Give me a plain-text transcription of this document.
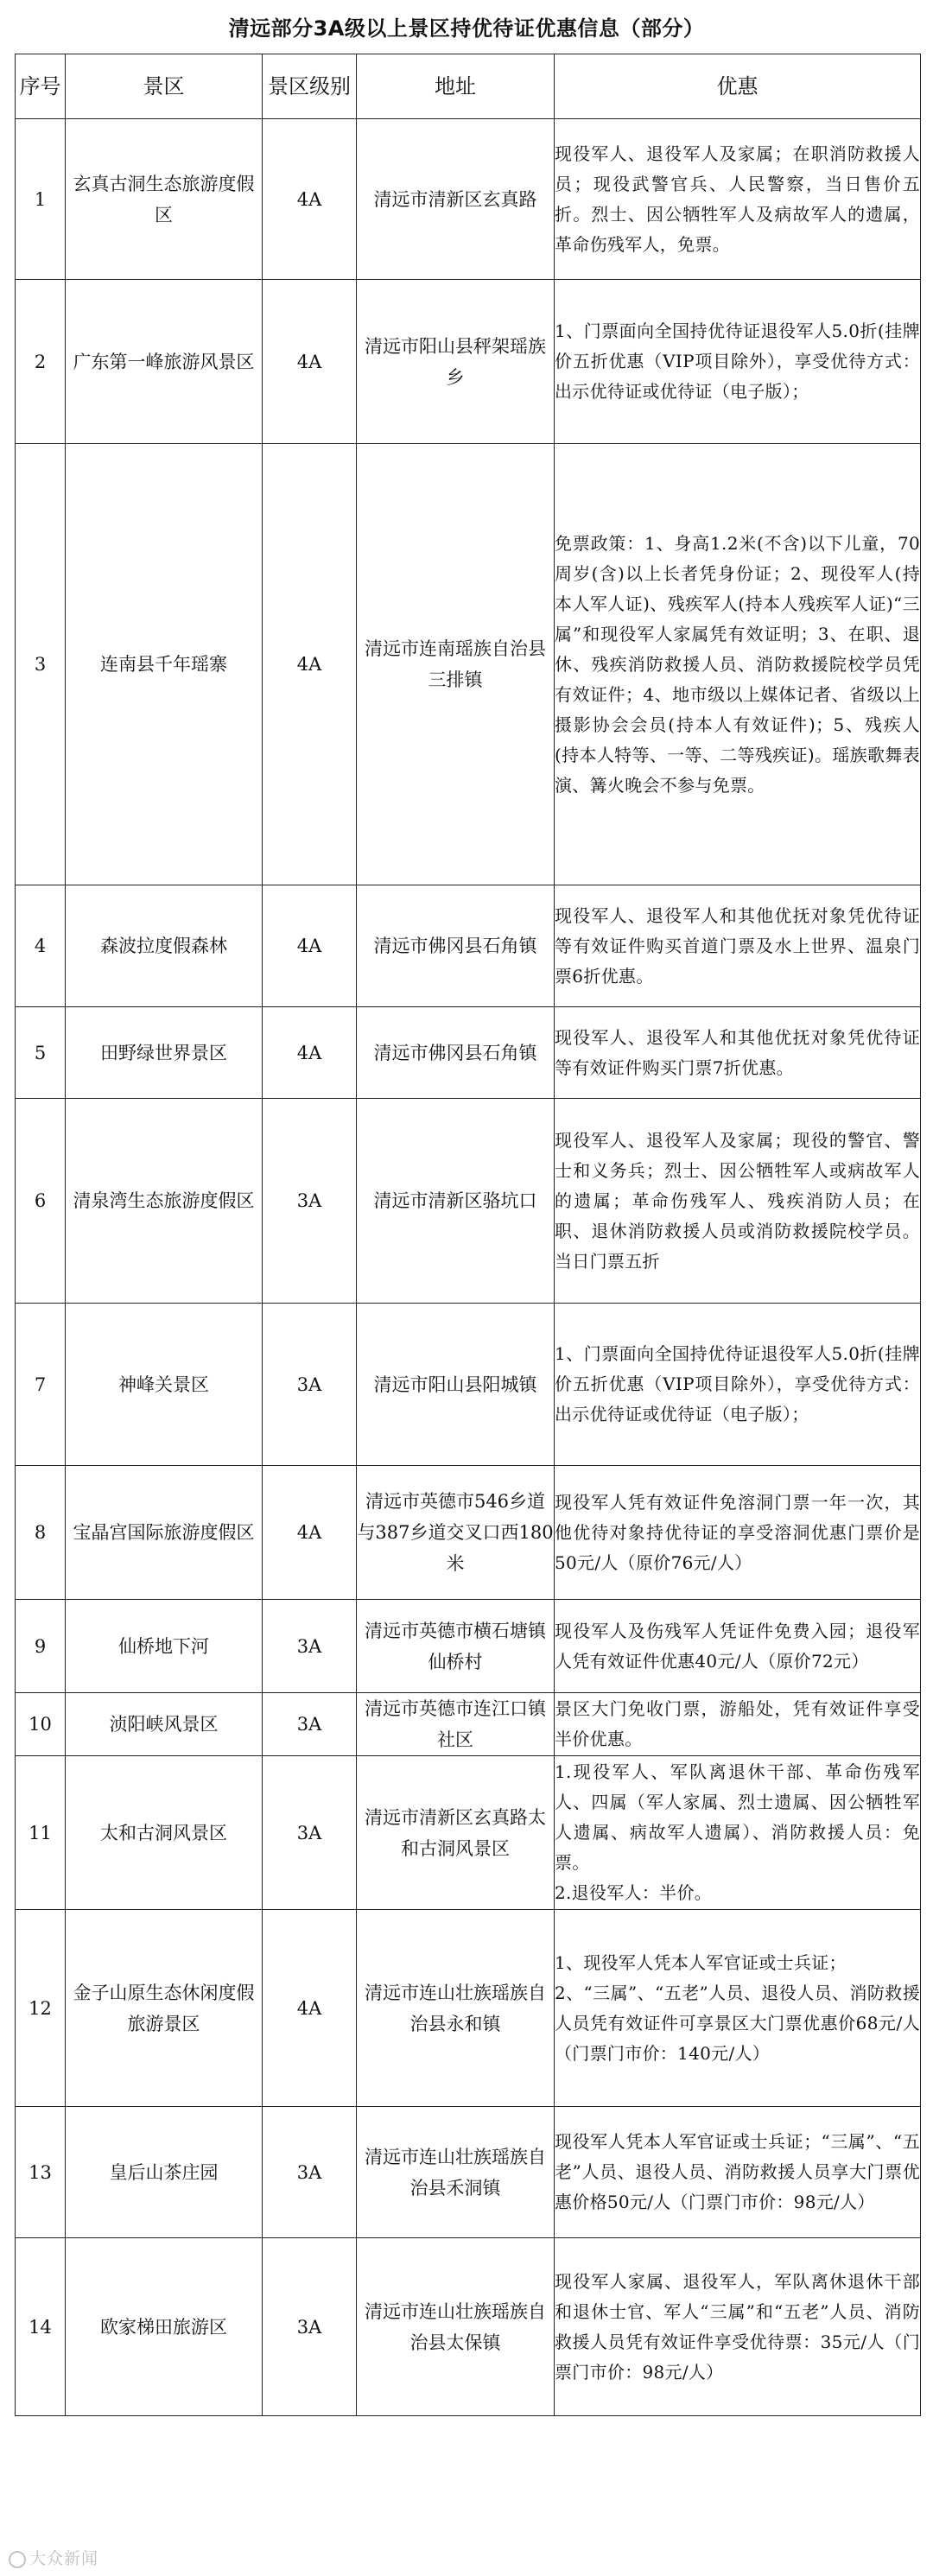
清远部分3A级以上景区持优待证优惠信息（部分）
序号	景区	景区级别	地址	优惠
1	玄真古洞生态旅游度假区	4A	清远市清新区玄真路	现役军人、退役军人及家属；在职消防救援人员；现役武警官兵、人民警察，当日售价五折。烈士、因公牺牲军人及病故军人的遗属，革命伤残军人，免票。

2	广东第一峰旅游风景区	4A	清远市阳山县秤架瑶族乡	1、门票面向全国持优待证退役军人5.0折(挂牌价五折优惠（VIP项目除外），享受优待方式：出示优待证或优待证（电子版）；

3	连南县千年瑶寨	4A	清远市连南瑶族自治县三排镇	免票政策：1、身高1.2米(不含)以下儿童，70周岁(含)以上长者凭身份证；2、现役军人(持本人军人证)、残疾军人(持本人残疾军人证)“三属”和现役军人家属凭有效证明；3、在职、退休、残疾消防救援人员、消防救援院校学员凭有效证件；4、地市级以上媒体记者、省级以上摄影协会会员(持本人有效证件)；5、残疾人(持本人特等、一等、二等残疾证)。瑶族歌舞表演、篝火晚会不参与免票。

4	森波拉度假森林	4A	清远市佛冈县石角镇	现役军人、退役军人和其他优抚对象凭优待证等有效证件购买首道门票及水上世界、温泉门票6折优惠。

5	田野绿世界景区	4A	清远市佛冈县石角镇	现役军人、退役军人和其他优抚对象凭优待证等有效证件购买门票7折优惠。

6	清泉湾生态旅游度假区	3A	清远市清新区骆坑口	现役军人、退役军人及家属；现役的警官、警士和义务兵；烈士、因公牺牲军人或病故军人的遗属；革命伤残军人、残疾消防人员；在职、退休消防救援人员或消防救援院校学员。当日门票五折

7	神峰关景区	3A	清远市阳山县阳城镇	1、门票面向全国持优待证退役军人5.0折(挂牌价五折优惠（VIP项目除外），享受优待方式：出示优待证或优待证（电子版）；

8	宝晶宫国际旅游度假区	4A	清远市英德市546乡道与387乡道交叉口西180米	现役军人凭有效证件免溶洞门票一年一次，其他优待对象持优待证的享受溶洞优惠门票价是50元/人（原价76元/人）

9	仙桥地下河	3A	清远市英德市横石塘镇仙桥村	现役军人及伤残军人凭证件免费入园；退役军人凭有效证件优惠40元/人（原价72元）

10	浈阳峡风景区	3A	清远市英德市连江口镇社区	景区大门免收门票，游船处，凭有效证件享受半价优惠。

11	太和古洞风景区	3A	清远市清新区玄真路太和古洞风景区	1.现役军人、军队离退休干部、革命伤残军人、四属（军人家属、烈士遗属、因公牺牲军人遗属、病故军人遗属）、消防救援人员：免票。
2.退役军人：半价。

12	金子山原生态休闲度假旅游景区	4A	清远市连山壮族瑶族自治县永和镇	1、现役军人凭本人军官证或士兵证；
2、“三属”、“五老”人员、退役人员、消防救援人员凭有效证件可享景区大门票优惠价68元/人（门票门市价：140元/人）

13	皇后山茶庄园	3A	清远市连山壮族瑶族自治县禾洞镇	现役军人凭本人军官证或士兵证；“三属”、“五老”人员、退役人员、消防救援人员享大门票优惠价格50元/人（门票门市价：98元/人）

14	欧家梯田旅游区	3A	清远市连山壮族瑶族自治县太保镇	现役军人家属、退役军人，军队离休退休干部和退休士官、军人“三属”和“五老”人员、消防救援人员凭有效证件享受优待票：35元/人（门票门市价：98元/人）
大众新闻
